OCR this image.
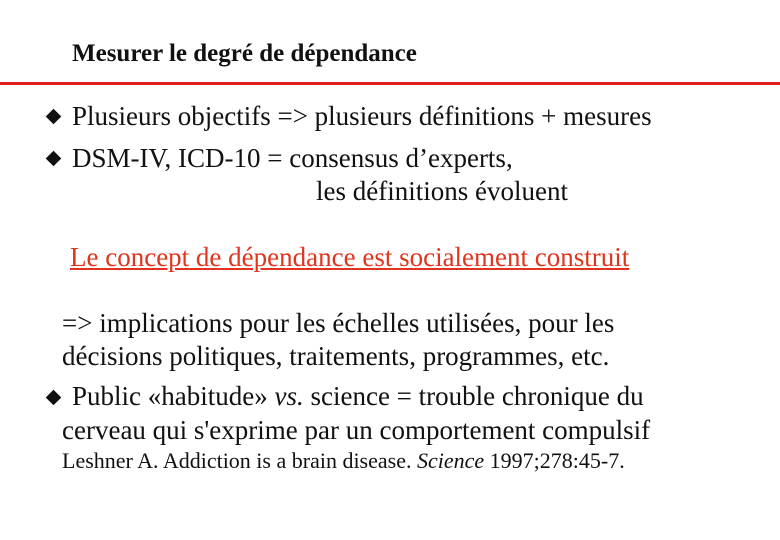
Mesurer le degré de dépendance
Plusieurs objectifs => plusieurs définitions + mesures
DSM-IV, ICD-10 = consensus d’experts,
les définitions évoluent
Le concept de dépendance est socialement construit
=> implications pour les échelles utilisées, pour les
décisions politiques, traitements, programmes, etc.
Public «habitude» vs. science = trouble chronique du
cerveau qui s'exprime par un comportement compulsif
Leshner A. Addiction is a brain disease. Science 1997;278:45-7.
